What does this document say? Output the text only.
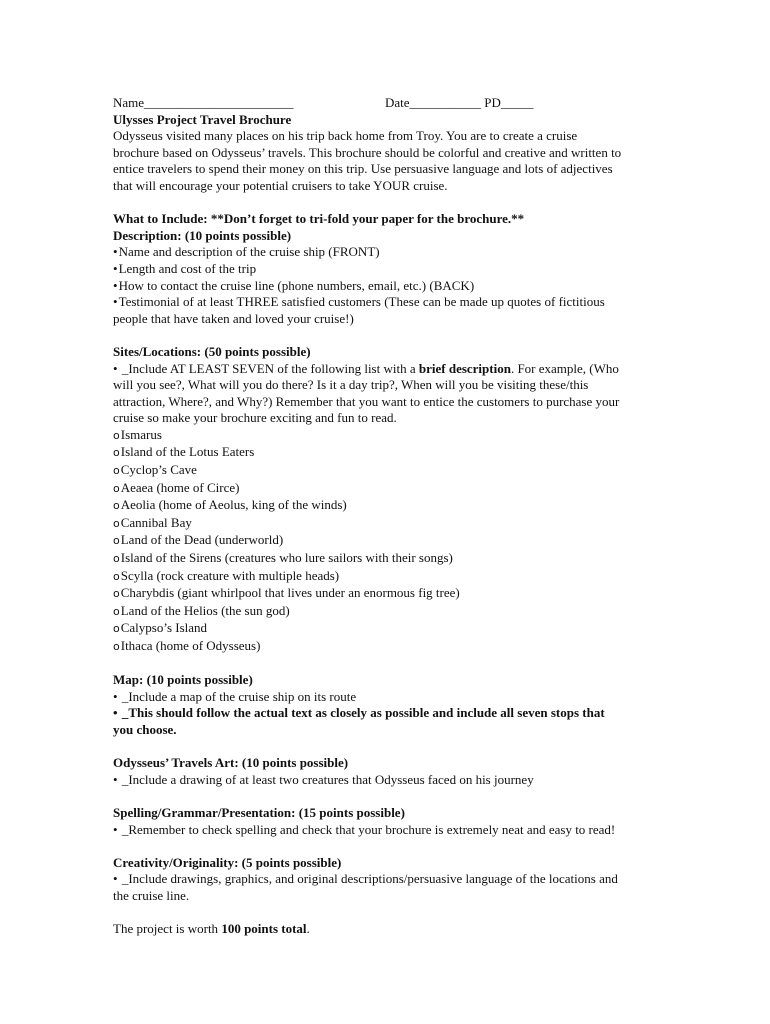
Name_______________________	Date___________ PD_____
Ulysses Project Travel Brochure
Odysseus visited many places on his trip back home from Troy. You are to create a cruise
brochure based on Odysseus’ travels. This brochure should be colorful and creative and written to
entice travelers to spend their money on this trip. Use persuasive language and lots of adjectives
that will encourage your potential cruisers to take YOUR cruise.
What to Include: **Don’t forget to tri-fold your paper for the brochure.**
Description: (10 points possible)
•Name and description of the cruise ship (FRONT)
•Length and cost of the trip
•How to contact the cruise line (phone numbers, email, etc.) (BACK)
•Testimonial of at least THREE satisfied customers (These can be made up quotes of fictitious
people that have taken and loved your cruise!)
Sites/Locations: (50 points possible)
• _Include AT LEAST SEVEN of the following list with a brief description. For example, (Who
will you see?, What will you do there? Is it a day trip?, When will you be visiting these/this
attraction, Where?, and Why?) Remember that you want to entice the customers to purchase your
cruise so make your brochure exciting and fun to read.
oIsmarus
oIsland of the Lotus Eaters
oCyclop’s Cave
oAeaea (home of Circe)
oAeolia (home of Aeolus, king of the winds)
oCannibal Bay
oLand of the Dead (underworld)
oIsland of the Sirens (creatures who lure sailors with their songs)
oScylla (rock creature with multiple heads)
oCharybdis (giant whirlpool that lives under an enormous fig tree)
oLand of the Helios (the sun god)
oCalypso’s Island
oIthaca (home of Odysseus)
Map: (10 points possible)
• _Include a map of the cruise ship on its route
• _This should follow the actual text as closely as possible and include all seven stops that
you choose.
Odysseus’ Travels Art: (10 points possible)
• _Include a drawing of at least two creatures that Odysseus faced on his journey
Spelling/Grammar/Presentation: (15 points possible)
• _Remember to check spelling and check that your brochure is extremely neat and easy to read!
Creativity/Originality: (5 points possible)
• _Include drawings, graphics, and original descriptions/persuasive language of the locations and
the cruise line.
The project is worth 100 points total.
